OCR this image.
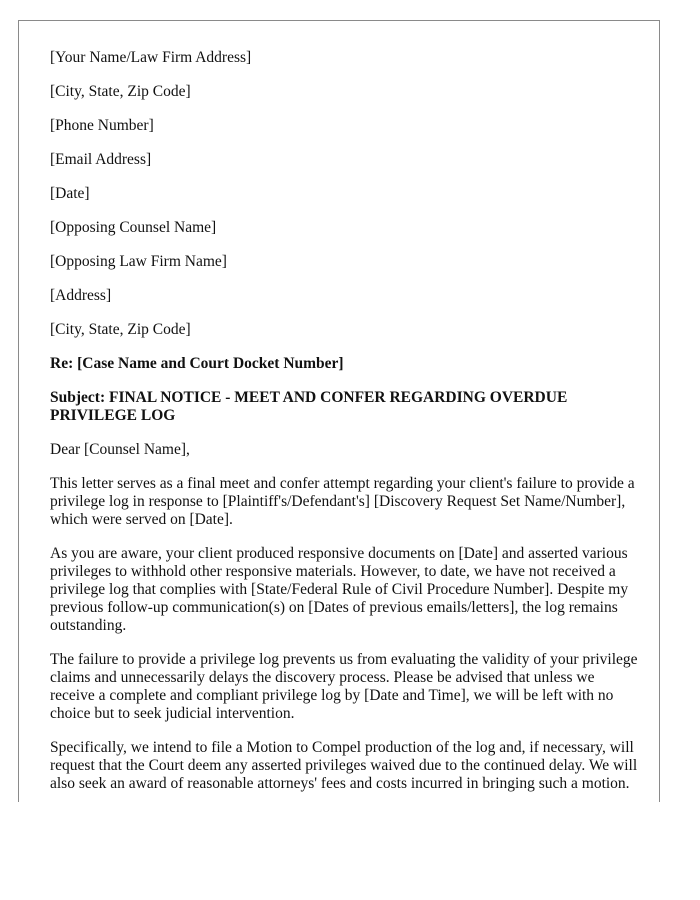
[Your Name/Law Firm Address]
[City, State, Zip Code]
[Phone Number]
[Email Address]
[Date]
[Opposing Counsel Name]
[Opposing Law Firm Name]
[Address]
[City, State, Zip Code]
Re: [Case Name and Court Docket Number]
Subject: FINAL NOTICE - MEET AND CONFER REGARDING OVERDUE PRIVILEGE LOG
Dear [Counsel Name],

This letter serves as a final meet and confer attempt regarding your client's failure to provide a privilege log in response to [Plaintiff's/Defendant's] [Discovery Request Set Name/Number], which were served on [Date].

As you are aware, your client produced responsive documents on [Date] and asserted various privileges to withhold other responsive materials. However, to date, we have not received a privilege log that complies with [State/Federal Rule of Civil Procedure Number]. Despite my previous follow-up communication(s) on [Dates of previous emails/letters], the log remains outstanding.

The failure to provide a privilege log prevents us from evaluating the validity of your privilege claims and unnecessarily delays the discovery process. Please be advised that unless we receive a complete and compliant privilege log by [Date and Time], we will be left with no choice but to seek judicial intervention.

Specifically, we intend to file a Motion to Compel production of the log and, if necessary, will request that the Court deem any asserted privileges waived due to the continued delay. We will also seek an award of reasonable attorneys' fees and costs incurred in bringing such a motion.
